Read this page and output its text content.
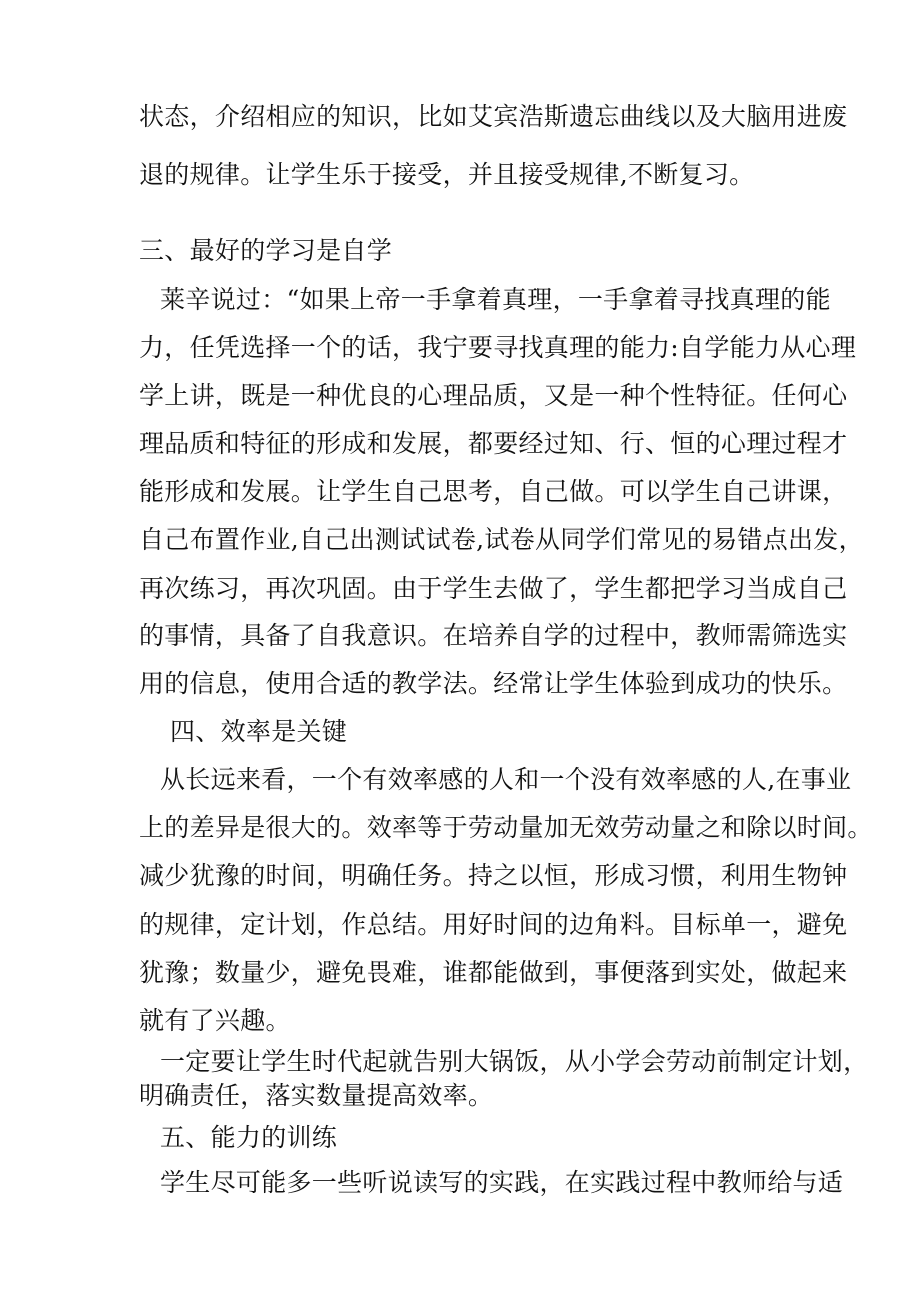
状态，介绍相应的知识，比如艾宾浩斯遗忘曲线以及大脑用进废
退的规律。让学生乐于接受，并且接受规律,不断复习。
三、最好的学习是自学
莱辛说过：“如果上帝一手拿着真理，一手拿着寻找真理的能
力，任凭选择一个的话，我宁要寻找真理的能力:自学能力从心理
学上讲，既是一种优良的心理品质，又是一种个性特征。任何心
理品质和特征的形成和发展，都要经过知、行、恒的心理过程才
能形成和发展。让学生自己思考，自己做。可以学生自己讲课，
自己布置作业,自己出测试试卷,试卷从同学们常见的易错点出发，
再次练习，再次巩固。由于学生去做了，学生都把学习当成自己
的事情，具备了自我意识。在培养自学的过程中，教师需筛选实
用的信息，使用合适的教学法。经常让学生体验到成功的快乐。
四、效率是关键
从长远来看，一个有效率感的人和一个没有效率感的人,在事业
上的差异是很大的。效率等于劳动量加无效劳动量之和除以时间。
减少犹豫的时间，明确任务。持之以恒，形成习惯，利用生物钟
的规律，定计划，作总结。用好时间的边角料。目标单一，避免
犹豫；数量少，避免畏难，谁都能做到，事便落到实处，做起来
就有了兴趣。
一定要让学生时代起就告别大锅饭，从小学会劳动前制定计划，
明确责任，落实数量提高效率。
五、能力的训练
学生尽可能多一些听说读写的实践，在实践过程中教师给与适
